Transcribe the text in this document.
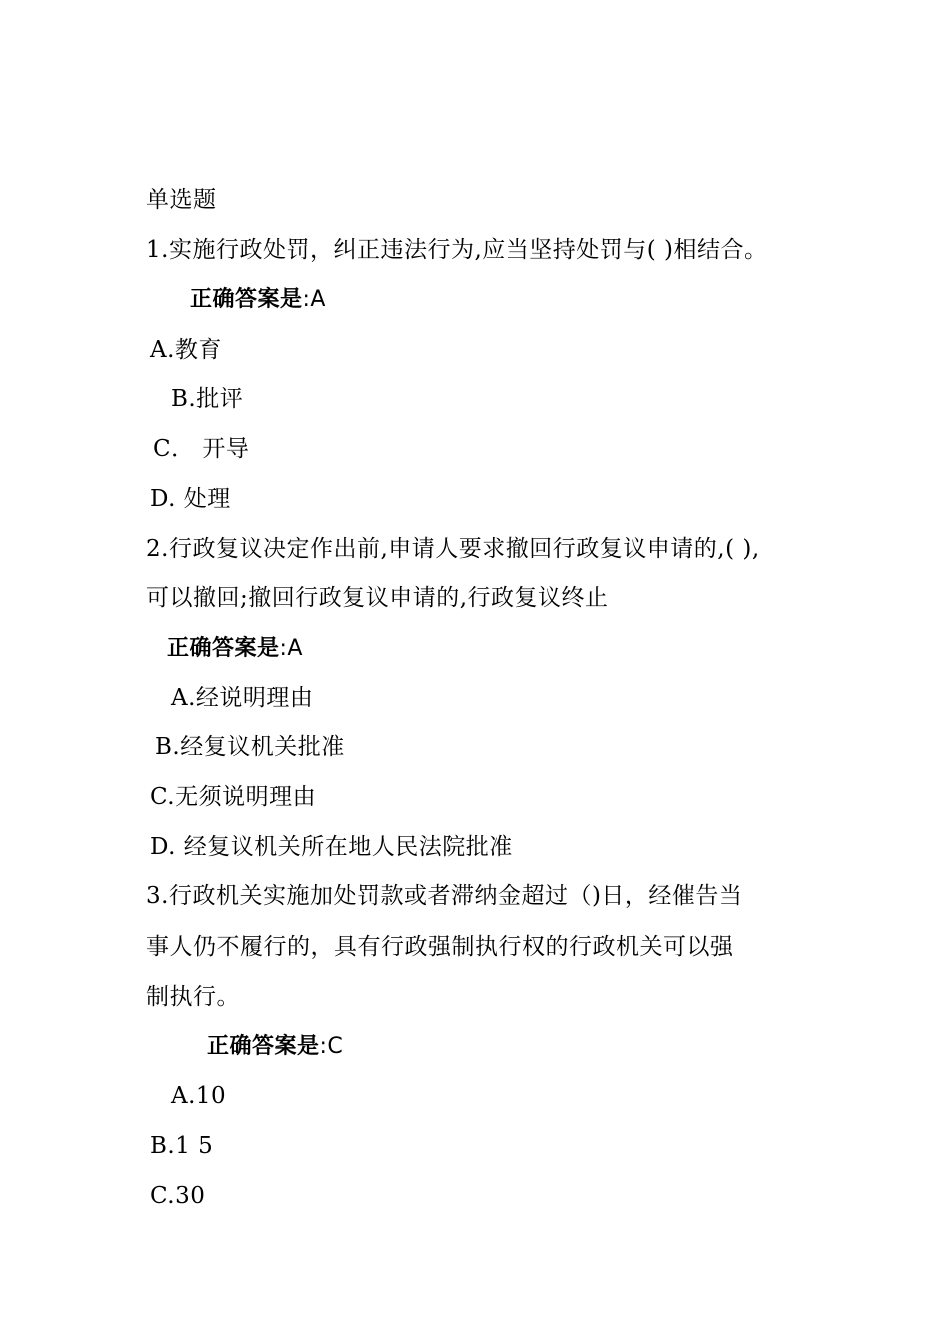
单选题
1.实施行政处罚，纠正违法行为,应当坚持处罚与( )相结合。
正确答案是:A
A.教育
B.批评
C． 开导
D. 处理
2.行政复议决定作出前,申请人要求撤回行政复议申请的,( ),
可以撤回;撤回行政复议申请的,行政复议终止
正确答案是:A
A.经说明理由
B.经复议机关批准
C.无须说明理由
D. 经复议机关所在地人民法院批准
3.行政机关实施加处罚款或者滞纳金超过（)日，经催告当
事人仍不履行的，具有行政强制执行权的行政机关可以强
制执行。
正确答案是:C
A.10
B.1 5
C.30
